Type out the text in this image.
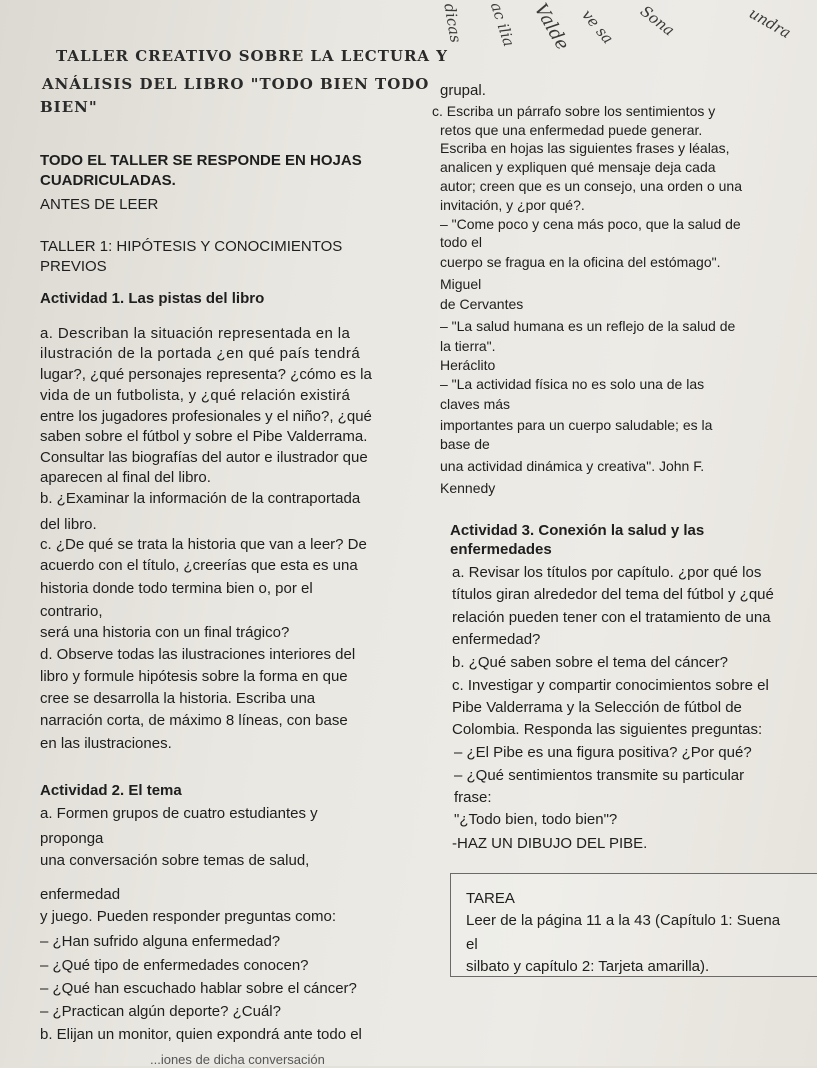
dicas ac ilia Valde ve sa Sona	undra
TALLER CREATIVO SOBRE LA LECTURA Y
ANÁLISIS DEL LIBRO "TODO BIEN TODO
BIEN"
TODO EL TALLER SE RESPONDE EN HOJAS
CUADRICULADAS.
ANTES DE LEER
TALLER 1: HIPÓTESIS Y CONOCIMIENTOS
PREVIOS
Actividad 1. Las pistas del libro
a. Describan la situación representada en la
ilustración de la portada ¿en qué país tendrá
lugar?, ¿qué personajes representa? ¿cómo es la
vida de un futbolista, y ¿qué relación existirá
entre los jugadores profesionales y el niño?, ¿qué
saben sobre el fútbol y sobre el Pibe Valderrama.
Consultar las biografías del autor e ilustrador que
aparecen al final del libro.
b. ¿Examinar la información de la contraportada
del libro.
c. ¿De qué se trata la historia que van a leer? De
acuerdo con el título, ¿creerías que esta es una
historia donde todo termina bien o, por el
contrario,
será una historia con un final trágico?
d. Observe todas las ilustraciones interiores del
libro y formule hipótesis sobre la forma en que
cree se desarrolla la historia. Escriba una
narración corta, de máximo 8 líneas, con base
en las ilustraciones.
Actividad 2. El tema
a. Formen grupos de cuatro estudiantes y
proponga
una conversación sobre temas de salud,
enfermedad
y juego. Pueden responder preguntas como:
– ¿Han sufrido alguna enfermedad?
– ¿Qué tipo de enfermedades conocen?
– ¿Qué han escuchado hablar sobre el cáncer?
– ¿Practican algún deporte? ¿Cuál?
b. Elijan un monitor, quien expondrá ante todo el
...iones de dicha conversación
grupal.
c. Escriba un párrafo sobre los sentimientos y
retos que una enfermedad puede generar.
Escriba en hojas las siguientes frases y léalas,
analicen y expliquen qué mensaje deja cada
autor; creen que es un consejo, una orden o una
invitación, y ¿por qué?.
– "Come poco y cena más poco, que la salud de
todo el
cuerpo se fragua en la oficina del estómago".
Miguel
de Cervantes
– "La salud humana es un reflejo de la salud de
la tierra".
Heráclito
– "La actividad física no es solo una de las
claves más
importantes para un cuerpo saludable; es la
base de
una actividad dinámica y creativa". John F.
Kennedy
Actividad 3. Conexión la salud y las
enfermedades
a. Revisar los títulos por capítulo. ¿por qué los
títulos giran alrededor del tema del fútbol y ¿qué
relación pueden tener con el tratamiento de una
enfermedad?
b. ¿Qué saben sobre el tema del cáncer?
c. Investigar y compartir conocimientos sobre el
Pibe Valderrama y la Selección de fútbol de
Colombia. Responda las siguientes preguntas:
– ¿El Pibe es una figura positiva? ¿Por qué?
– ¿Qué sentimientos transmite su particular
frase:
"¿Todo bien, todo bien"?
-HAZ UN DIBUJO DEL PIBE.
TAREA
Leer de la página 11 a la 43 (Capítulo 1: Suena
el
silbato y capítulo 2: Tarjeta amarilla).
